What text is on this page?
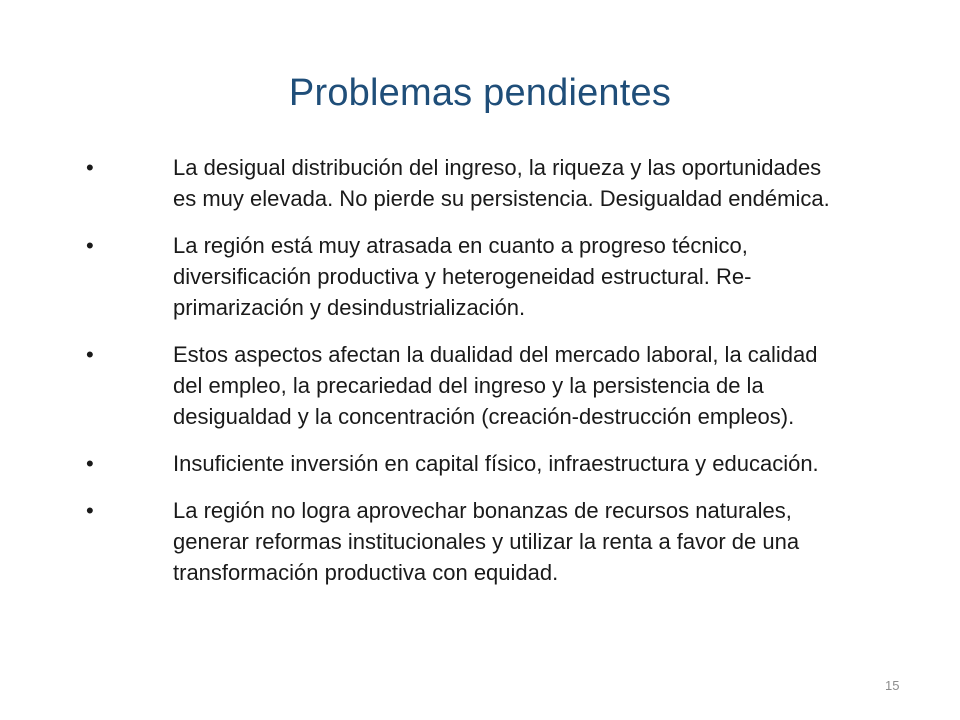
Problemas pendientes
•	La desigual distribución del ingreso, la riqueza y las oportunidades es muy elevada. No pierde su persistencia. Desigualdad endémica.
•	La región está muy atrasada en cuanto a progreso técnico, diversificación productiva y heterogeneidad estructural. Re-primarización y desindustrialización.
•	Estos aspectos afectan la dualidad del mercado laboral, la calidad del empleo, la precariedad del ingreso y la persistencia de la desigualdad y la concentración (creación-destrucción empleos).
•	Insuficiente inversión en capital físico, infraestructura y educación.
•	La región no logra aprovechar bonanzas de recursos naturales, generar reformas institucionales y utilizar la renta a favor de una transformación productiva con equidad.
15
